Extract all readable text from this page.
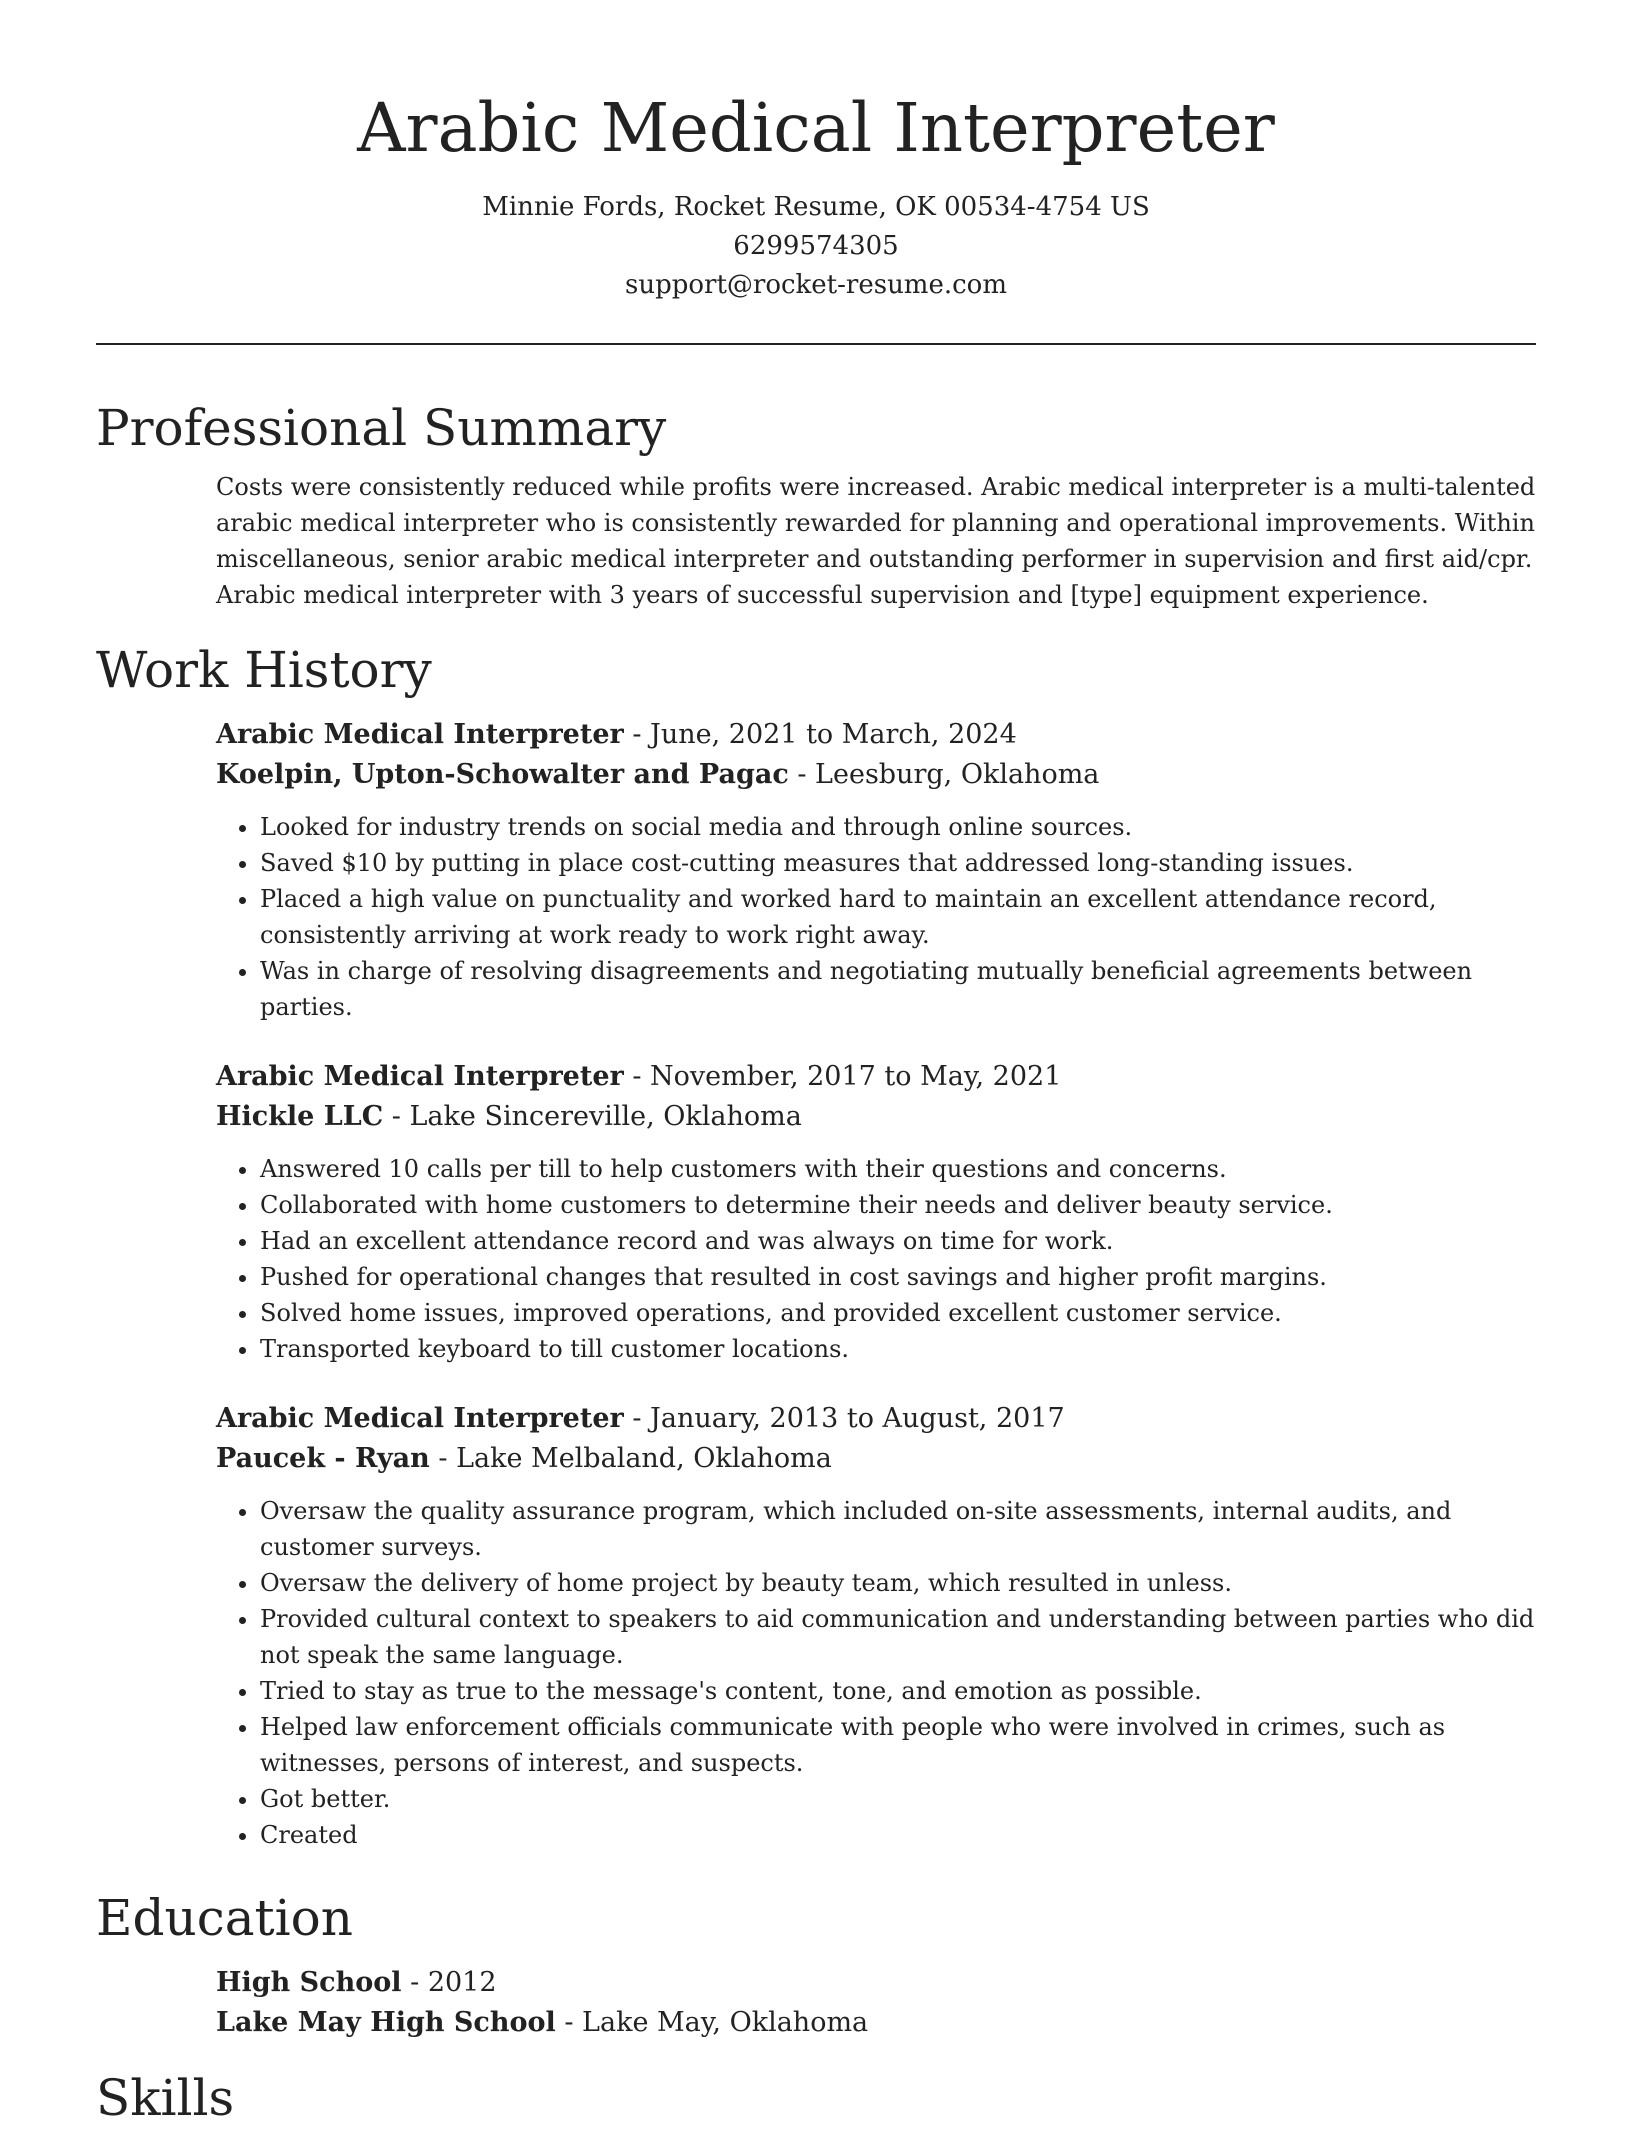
Arabic Medical Interpreter

Minnie Fords, Rocket Resume, OK 00534-4754 US

6299574305

support@rocket-resume.com

Professional Summary

Costs were consistently reduced while profits were increased. Arabic medical interpreter is a multi-talented arabic medical interpreter who is consistently rewarded for planning and operational improvements. Within miscellaneous, senior arabic medical interpreter and outstanding performer in supervision and first aid/cpr. Arabic medical interpreter with 3 years of successful supervision and [type] equipment experience.

Work History

Arabic Medical Interpreter - June, 2021 to March, 2024

Koelpin, Upton-Schowalter and Pagac - Leesburg, Oklahoma

• Looked for industry trends on social media and through online sources.
• Saved $10 by putting in place cost-cutting measures that addressed long-standing issues.
• Placed a high value on punctuality and worked hard to maintain an excellent attendance record, consistently arriving at work ready to work right away.
• Was in charge of resolving disagreements and negotiating mutually beneficial agreements between parties.

Arabic Medical Interpreter - November, 2017 to May, 2021

Hickle LLC - Lake Sincereville, Oklahoma

• Answered 10 calls per till to help customers with their questions and concerns.
• Collaborated with home customers to determine their needs and deliver beauty service.
• Had an excellent attendance record and was always on time for work.
• Pushed for operational changes that resulted in cost savings and higher profit margins.
• Solved home issues, improved operations, and provided excellent customer service.
• Transported keyboard to till customer locations.

Arabic Medical Interpreter - January, 2013 to August, 2017

Paucek - Ryan - Lake Melbaland, Oklahoma

• Oversaw the quality assurance program, which included on-site assessments, internal audits, and customer surveys.
• Oversaw the delivery of home project by beauty team, which resulted in unless.
• Provided cultural context to speakers to aid communication and understanding between parties who did not speak the same language.
• Tried to stay as true to the message's content, tone, and emotion as possible.
• Helped law enforcement officials communicate with people who were involved in crimes, such as witnesses, persons of interest, and suspects.
• Got better.
• Created
Education

High School - 2012

Lake May High School - Lake May, Oklahoma

Skills
